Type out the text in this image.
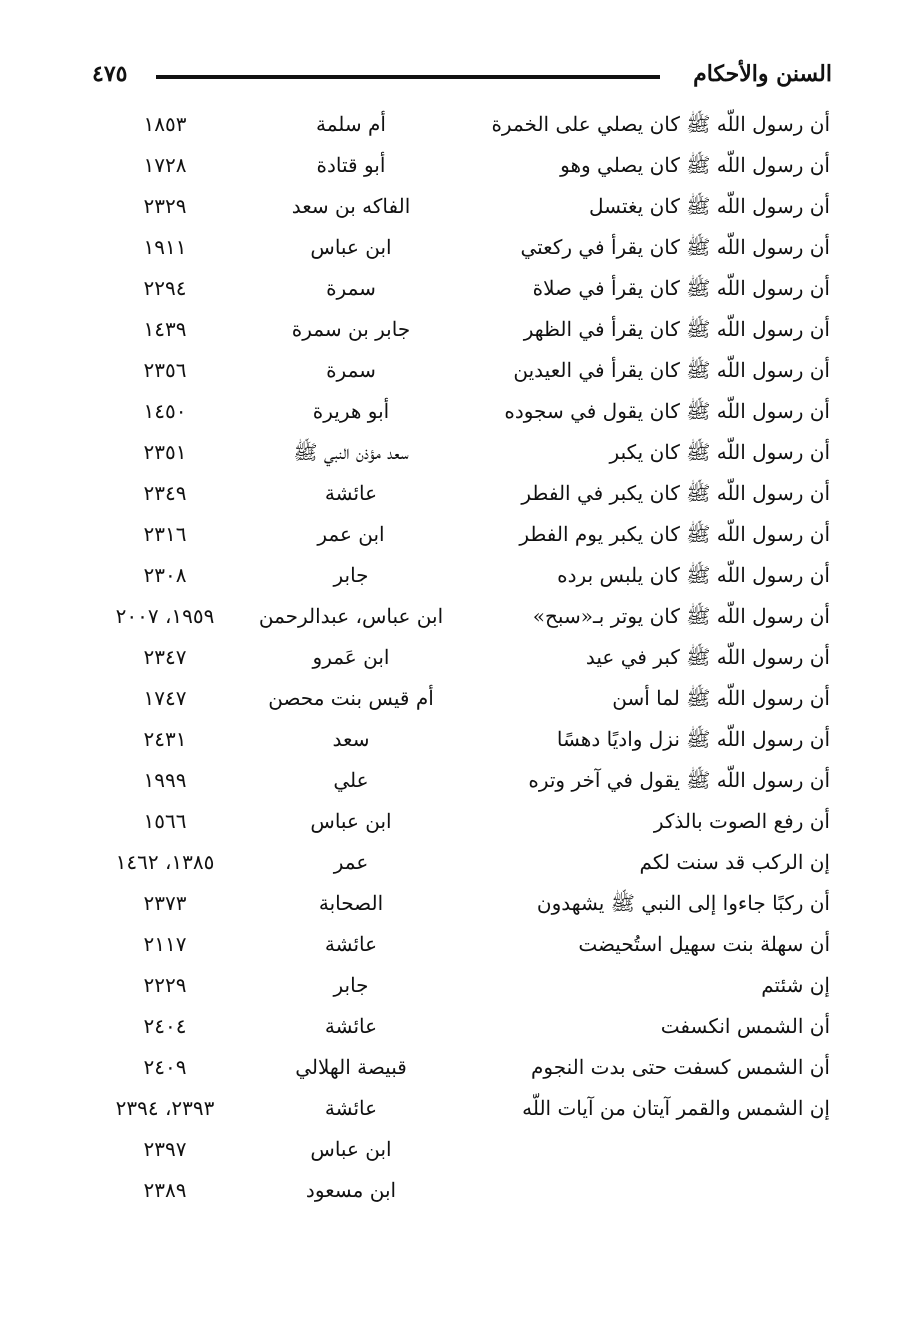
السنن والأحكام
٤٧٥
أن رسول اللّه ﷺ كان يصلي على الخمرة
أم سلمة
١٨٥٣
أن رسول اللّه ﷺ كان يصلي وهو
أبو قتادة
١٧٢٨
أن رسول اللّه ﷺ كان يغتسل
الفاكه بن سعد
٢٣٢٩
أن رسول اللّه ﷺ كان يقرأ في ركعتي
ابن عباس
١٩١١
أن رسول اللّه ﷺ كان يقرأ في صلاة
سمرة
٢٢٩٤
أن رسول اللّه ﷺ كان يقرأ في الظهر
جابر بن سمرة
١٤٣٩
أن رسول اللّه ﷺ كان يقرأ في العيدين
سمرة
٢٣٥٦
أن رسول اللّه ﷺ كان يقول في سجوده
أبو هريرة
١٤٥٠
أن رسول اللّه ﷺ كان يكبر
سعد مؤذن النبي ﷺ
٢٣٥١
أن رسول اللّه ﷺ كان يكبر في الفطر
عائشة
٢٣٤٩
أن رسول اللّه ﷺ كان يكبر يوم الفطر
ابن عمر
٢٣١٦
أن رسول اللّه ﷺ كان يلبس برده
جابر
٢٣٠٨
أن رسول اللّه ﷺ كان يوتر بـ«سبح»
ابن عباس، عبدالرحمن
١٩٥٩، ٢٠٠٧
أن رسول اللّه ﷺ كبر في عيد
ابن عَمرو
٢٣٤٧
أن رسول اللّه ﷺ لما أسن
أم قيس بنت محصن
١٧٤٧
أن رسول اللّه ﷺ نزل واديًا دهسًا
سعد
٢٤٣١
أن رسول اللّه ﷺ يقول في آخر وتره
علي
١٩٩٩
أن رفع الصوت بالذكر
ابن عباس
١٥٦٦
إن الركب قد سنت لكم
عمر
١٣٨٥، ١٤٦٢
أن ركبًا جاءوا إلى النبي ﷺ يشهدون
الصحابة
٢٣٧٣
أن سهلة بنت سهيل استُحيضت
عائشة
٢١١٧
إن شئتم
جابر
٢٢٢٩
أن الشمس انكسفت
عائشة
٢٤٠٤
أن الشمس كسفت حتى بدت النجوم
قبيصة الهلالي
٢٤٠٩
إن الشمس والقمر آيتان من آيات اللّه
عائشة
٢٣٩٣، ٢٣٩٤
ابن عباس
٢٣٩٧
ابن مسعود
٢٣٨٩
